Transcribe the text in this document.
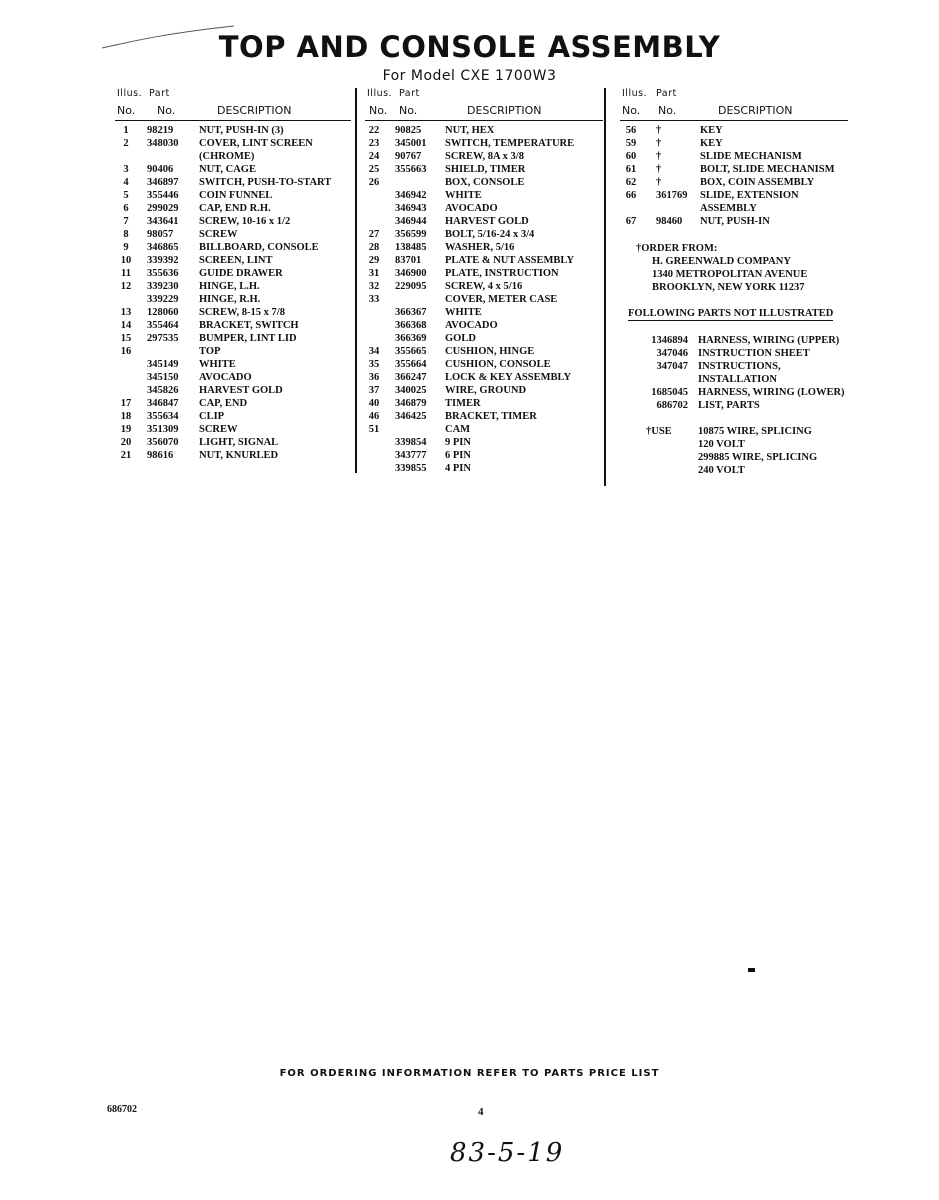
TOP AND CONSOLE ASSEMBLY
For Model CXE 1700W3
Illus. Part
No. No.	DESCRIPTION
1	98219 NUT, PUSH-IN (3)
2	348030 COVER, LINT SCREEN
(CHROME)
3	90406 NUT, CAGE
4	346897 SWITCH, PUSH-TO-START
5	355446 COIN FUNNEL
6	299029 CAP, END R.H.
7	343641 SCREW, 10-16 x 1/2
8	98057 SCREW
9	346865 BILLBOARD, CONSOLE
10	339392 SCREEN, LINT
11	355636 GUIDE DRAWER
12	339230 HINGE, L.H.
339229 HINGE, R.H.
13	128060 SCREW, 8-15 x 7/8
14	355464 BRACKET, SWITCH
15	297535 BUMPER, LINT LID
16	TOP
345149 WHITE
345150 AVOCADO
345826 HARVEST GOLD
17	346847 CAP, END
18	355634 CLIP
19	351309 SCREW
20	356070 LIGHT, SIGNAL
21	98616 NUT, KNURLED
Illus. Part
No. No.	DESCRIPTION
22	90825 NUT, HEX
23	345001 SWITCH, TEMPERATURE
24	90767 SCREW, 8A x 3/8
25	355663 SHIELD, TIMER
26	BOX, CONSOLE
346942 WHITE
346943 AVOCADO
346944 HARVEST GOLD
27	356599 BOLT, 5/16-24 x 3/4
28	138485 WASHER, 5/16
29	83701 PLATE & NUT ASSEMBLY
31	346900 PLATE, INSTRUCTION
32	229095 SCREW, 4 x 5/16
33	COVER, METER CASE
366367 WHITE
366368 AVOCADO
366369 GOLD
34	355665 CUSHION, HINGE
35	355664 CUSHION, CONSOLE
36	366247 LOCK & KEY ASSEMBLY
37	340025 WIRE, GROUND
40	346879 TIMER
46	346425 BRACKET, TIMER
51	CAM
339854 9 PIN
343777 6 PIN
339855 4 PIN
Illus. Part
No. No.	DESCRIPTION
56	†	KEY
59	†	KEY
60	†	SLIDE MECHANISM
61	†	BOLT, SLIDE MECHANISM
62	†	BOX, COIN ASSEMBLY
66	361769 SLIDE, EXTENSION
ASSEMBLY
67	98460 NUT, PUSH-IN
†ORDER FROM:
H. GREENWALD COMPANY
1340 METROPOLITAN AVENUE
BROOKLYN, NEW YORK 11237
FOLLOWING PARTS NOT ILLUSTRATED
1346894 HARNESS, WIRING (UPPER)
347046 INSTRUCTION SHEET
347047 INSTRUCTIONS,
INSTALLATION
1685045 HARNESS, WIRING (LOWER)
686702 LIST, PARTS
†USE	10875 WIRE, SPLICING
120 VOLT
299885 WIRE, SPLICING
240 VOLT
FOR ORDERING INFORMATION REFER TO PARTS PRICE LIST
686702	4
83-5-19
